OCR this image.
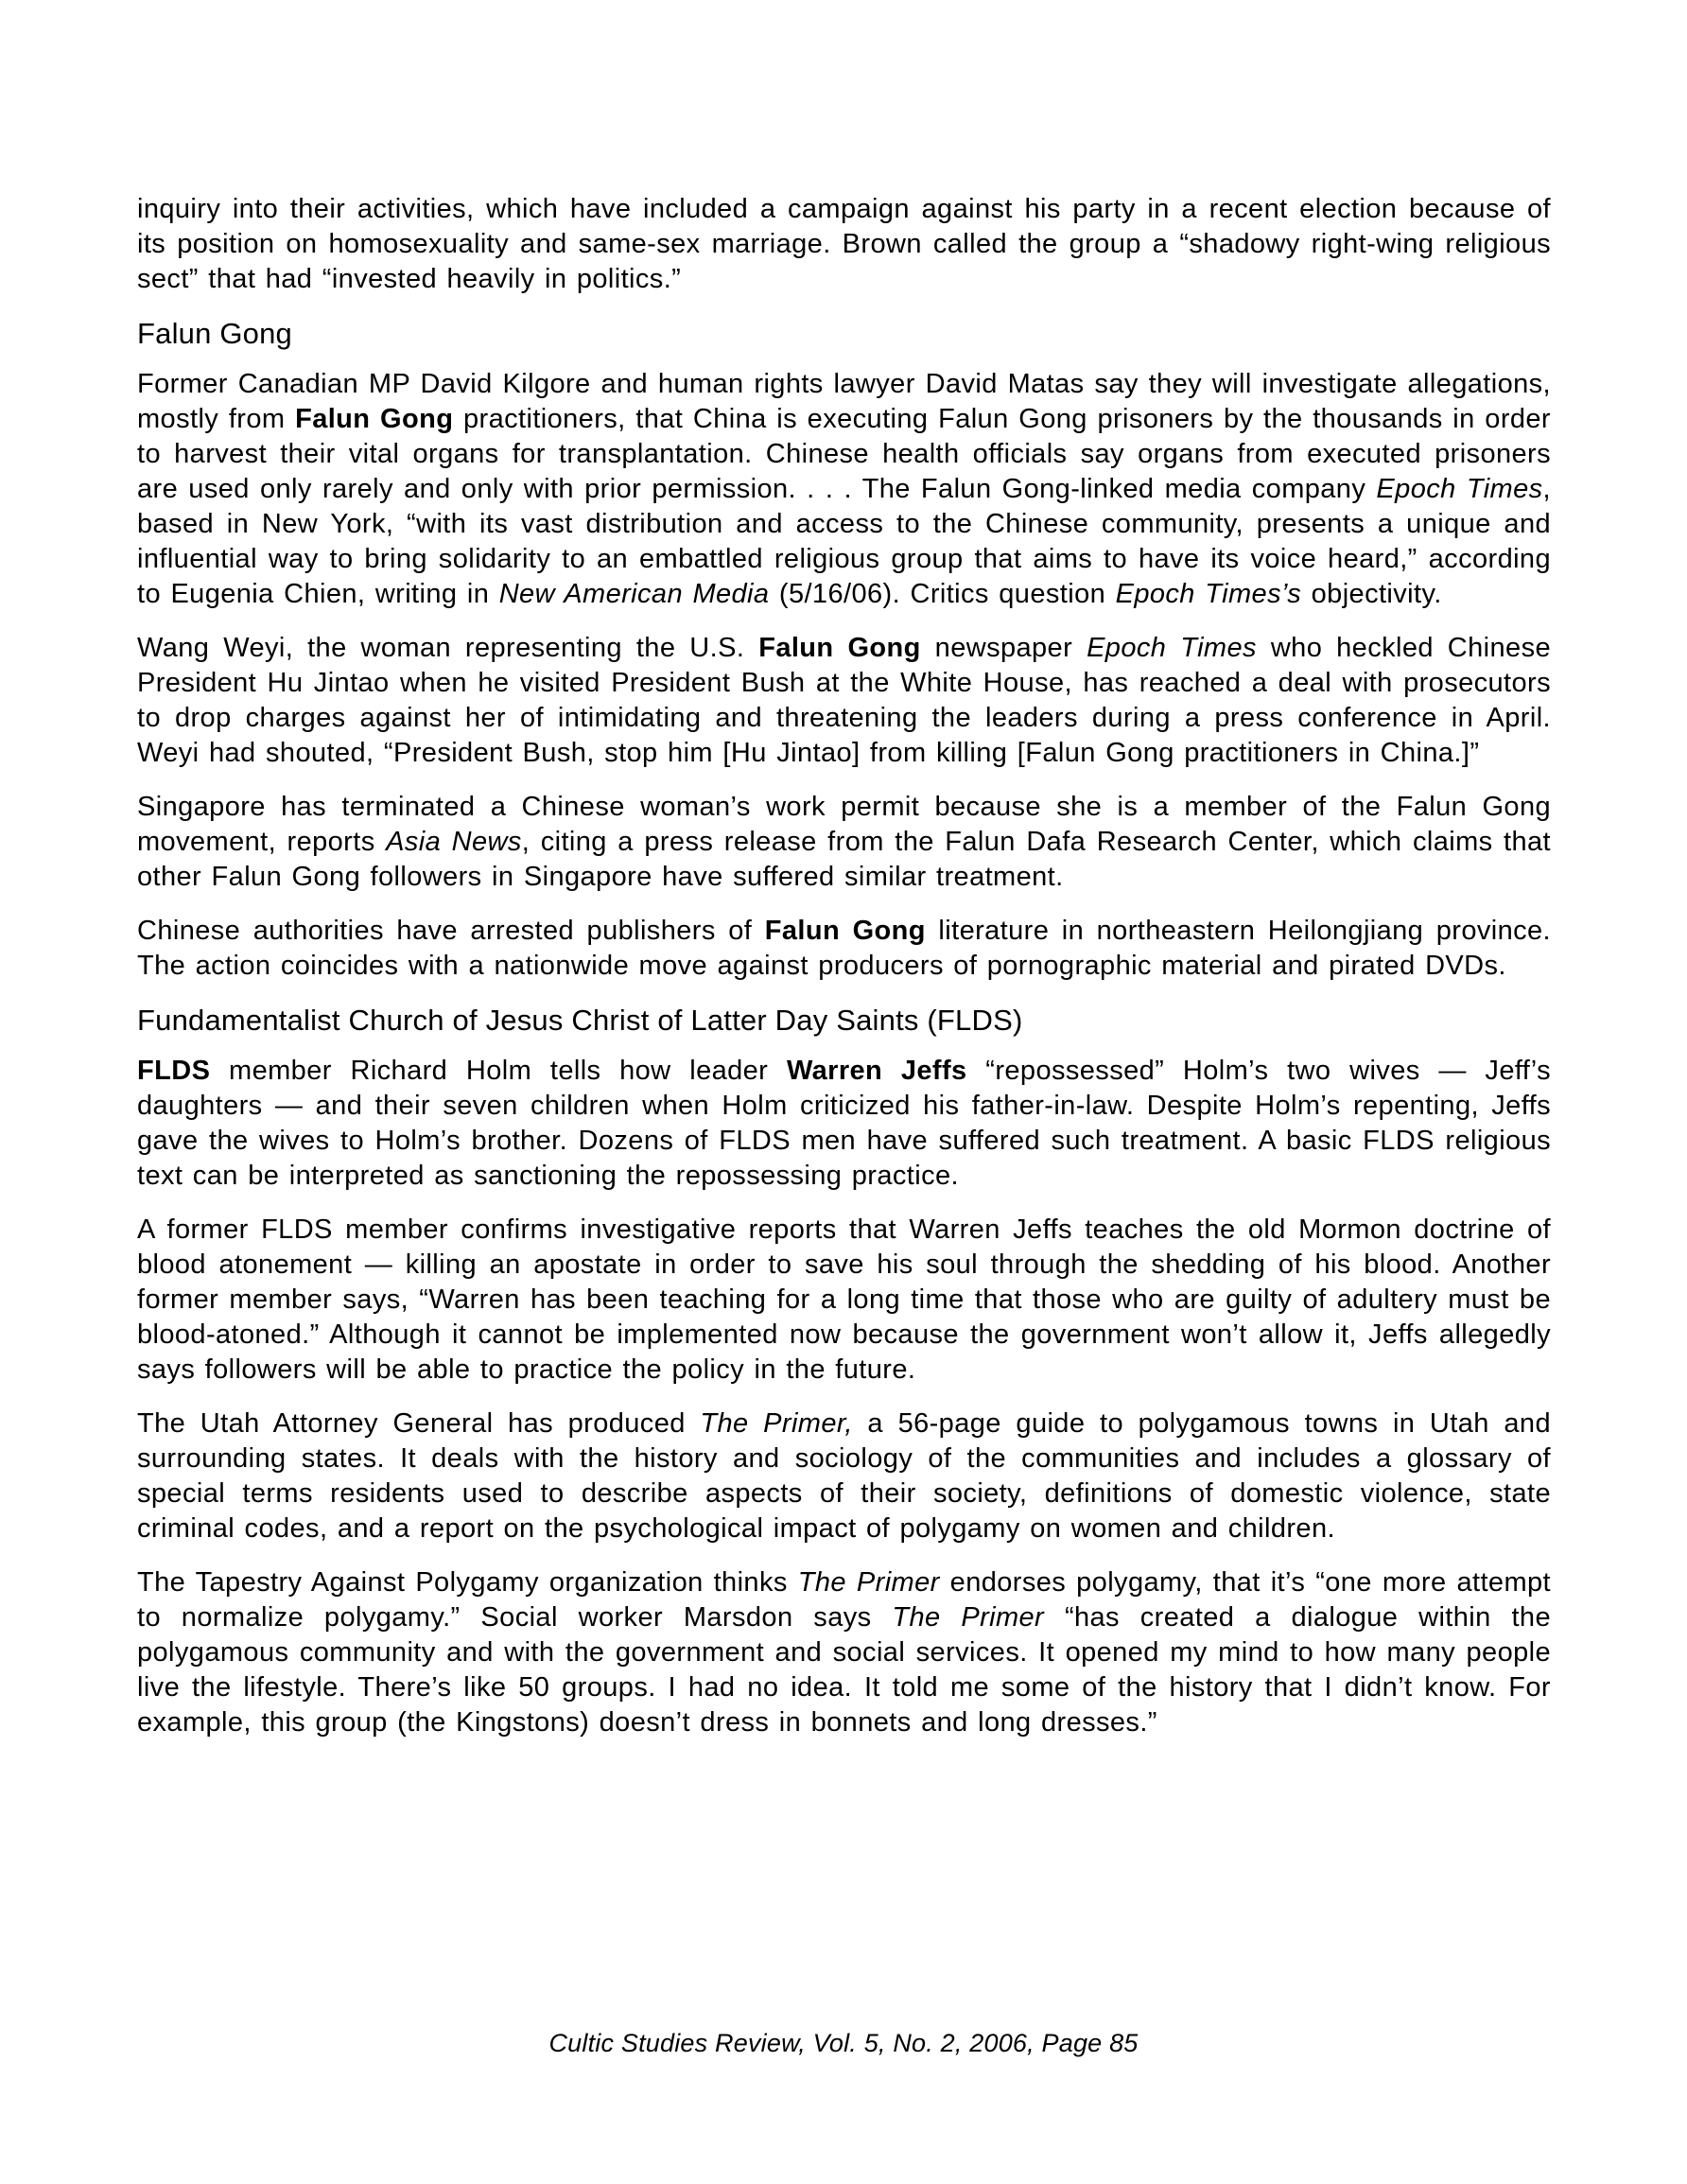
inquiry into their activities, which have included a campaign against his party in a recent election because of its position on homosexuality and same-sex marriage. Brown called the group a “shadowy right-wing religious sect” that had “invested heavily in politics.”

Falun Gong

Former Canadian MP David Kilgore and human rights lawyer David Matas say they will investigate allegations, mostly from Falun Gong practitioners, that China is executing Falun Gong prisoners by the thousands in order to harvest their vital organs for transplantation. Chinese health officials say organs from executed prisoners are used only rarely and only with prior permission. . . . The Falun Gong-linked media company Epoch Times, based in New York, “with its vast distribution and access to the Chinese community, presents a unique and influential way to bring solidarity to an embattled religious group that aims to have its voice heard,” according to Eugenia Chien, writing in New American Media (5/16/06). Critics question Epoch Times’s objectivity.

Wang Weyi, the woman representing the U.S. Falun Gong newspaper Epoch Times who heckled Chinese President Hu Jintao when he visited President Bush at the White House, has reached a deal with prosecutors to drop charges against her of intimidating and threatening the leaders during a press conference in April. Weyi had shouted, “President Bush, stop him [Hu Jintao] from killing [Falun Gong practitioners in China.]”

Singapore has terminated a Chinese woman’s work permit because she is a member of the Falun Gong movement, reports Asia News, citing a press release from the Falun Dafa Research Center, which claims that other Falun Gong followers in Singapore have suffered similar treatment.

Chinese authorities have arrested publishers of Falun Gong literature in northeastern Heilongjiang province. The action coincides with a nationwide move against producers of pornographic material and pirated DVDs.

Fundamentalist Church of Jesus Christ of Latter Day Saints (FLDS)

FLDS member Richard Holm tells how leader Warren Jeffs “repossessed” Holm’s two wives — Jeff’s daughters — and their seven children when Holm criticized his father-in-law. Despite Holm’s repenting, Jeffs gave the wives to Holm’s brother. Dozens of FLDS men have suffered such treatment. A basic FLDS religious text can be interpreted as sanctioning the repossessing practice.

A former FLDS member confirms investigative reports that Warren Jeffs teaches the old Mormon doctrine of blood atonement — killing an apostate in order to save his soul through the shedding of his blood. Another former member says, “Warren has been teaching for a long time that those who are guilty of adultery must be blood-atoned.” Although it cannot be implemented now because the government won’t allow it, Jeffs allegedly says followers will be able to practice the policy in the future.

The Utah Attorney General has produced The Primer, a 56-page guide to polygamous towns in Utah and surrounding states. It deals with the history and sociology of the communities and includes a glossary of special terms residents used to describe aspects of their society, definitions of domestic violence, state criminal codes, and a report on the psychological impact of polygamy on women and children.

The Tapestry Against Polygamy organization thinks The Primer endorses polygamy, that it’s “one more attempt to normalize polygamy.” Social worker Marsdon says The Primer “has created a dialogue within the polygamous community and with the government and social services. It opened my mind to how many people live the lifestyle. There’s like 50 groups. I had no idea. It told me some of the history that I didn’t know. For example, this group (the Kingstons) doesn’t dress in bonnets and long dresses.”

Cultic Studies Review, Vol. 5, No. 2, 2006, Page 85
